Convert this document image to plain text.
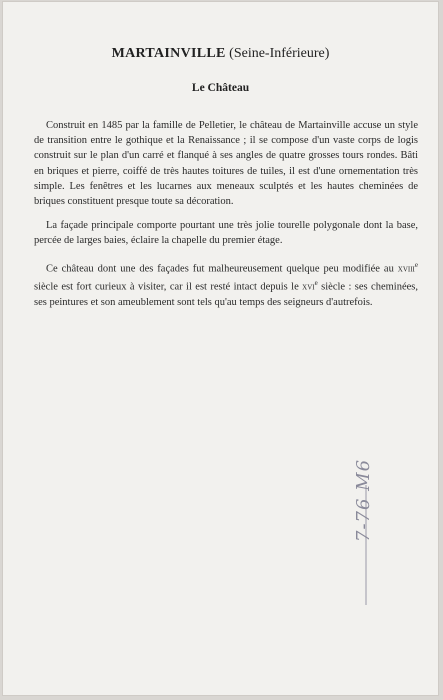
MARTAINVILLE (Seine-Inférieure)
Le Château

Construit en 1485 par la famille de Pelletier, le château de Martainville accuse un style de transition entre le gothique et la Renaissance ; il se compose d'un vaste corps de logis construit sur le plan d'un carré et flanqué à ses angles de quatre grosses tours rondes. Bâti en briques et pierre, coiffé de très hautes toitures de tuiles, il est d'une ornementation très simple. Les fenêtres et les lucarnes aux meneaux sculptés et les hautes cheminées de briques constituent presque toute sa décoration.

La façade principale comporte pourtant une très jolie tourelle polygonale dont la base, percée de larges baies, éclaire la chapelle du premier étage.

Ce château dont une des façades fut malheureusement quelque peu modifiée au xviii$^e$ siècle est fort curieux à visiter, car il est resté intact depuis le xvi$^e$ siècle : ses cheminées, ses peintures et son ameublement sont tels qu'au temps des seigneurs d'autrefois.

7-76 M6
